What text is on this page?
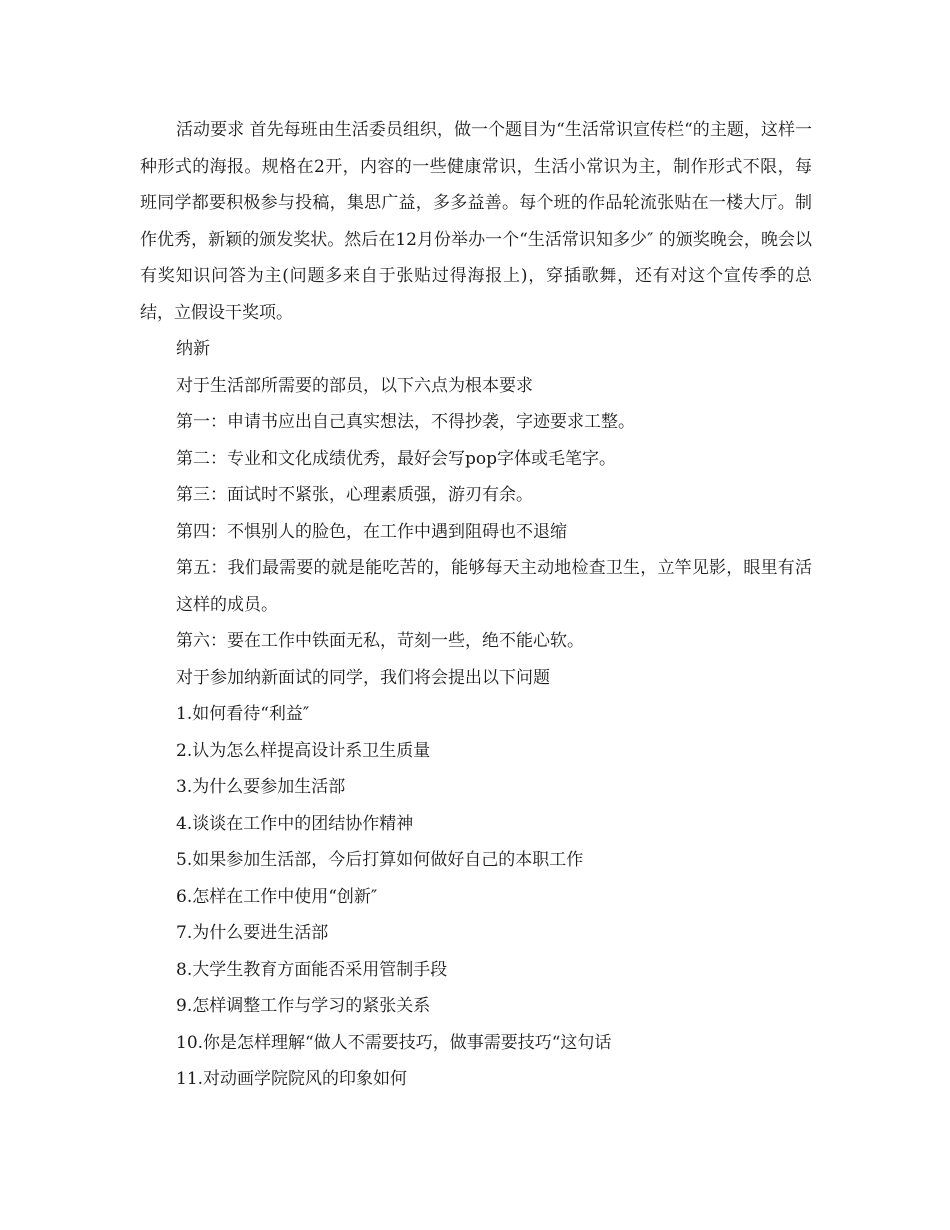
活动要求 首先每班由生活委员组织，做一个题目为“生活常识宣传栏“的主题，这样一种形式的海报。规格在2开，内容的一些健康常识，生活小常识为主，制作形式不限，每班同学都要积极参与投稿，集思广益，多多益善。每个班的作品轮流张贴在一楼大厅。制作优秀，新颖的颁发奖状。然后在12月份举办一个“生活常识知多少″ 的颁奖晚会，晚会以有奖知识问答为主(问题多来自于张贴过得海报上)，穿插歌舞，还有对这个宣传季的总结，立假设干奖项。

纳新

对于生活部所需要的部员，以下六点为根本要求

第一：申请书应出自己真实想法，不得抄袭，字迹要求工整。

第二：专业和文化成绩优秀，最好会写pop字体或毛笔字。

第三：面试时不紧张，心理素质强，游刃有余。

第四：不惧别人的脸色，在工作中遇到阻碍也不退缩

第五：我们最需要的就是能吃苦的，能够每天主动地检查卫生，立竿见影，眼里有活这样的成员。

第六：要在工作中铁面无私，苛刻一些，绝不能心软。

对于参加纳新面试的同学，我们将会提出以下问题

1.如何看待“利益″

2.认为怎么样提高设计系卫生质量

3.为什么要参加生活部

4.谈谈在工作中的团结协作精神

5.如果参加生活部，今后打算如何做好自己的本职工作

6.怎样在工作中使用“创新″

7.为什么要进生活部

8.大学生教育方面能否采用管制手段

9.怎样调整工作与学习的紧张关系

10.你是怎样理解“做人不需要技巧，做事需要技巧“这句话

11.对动画学院院风的印象如何
